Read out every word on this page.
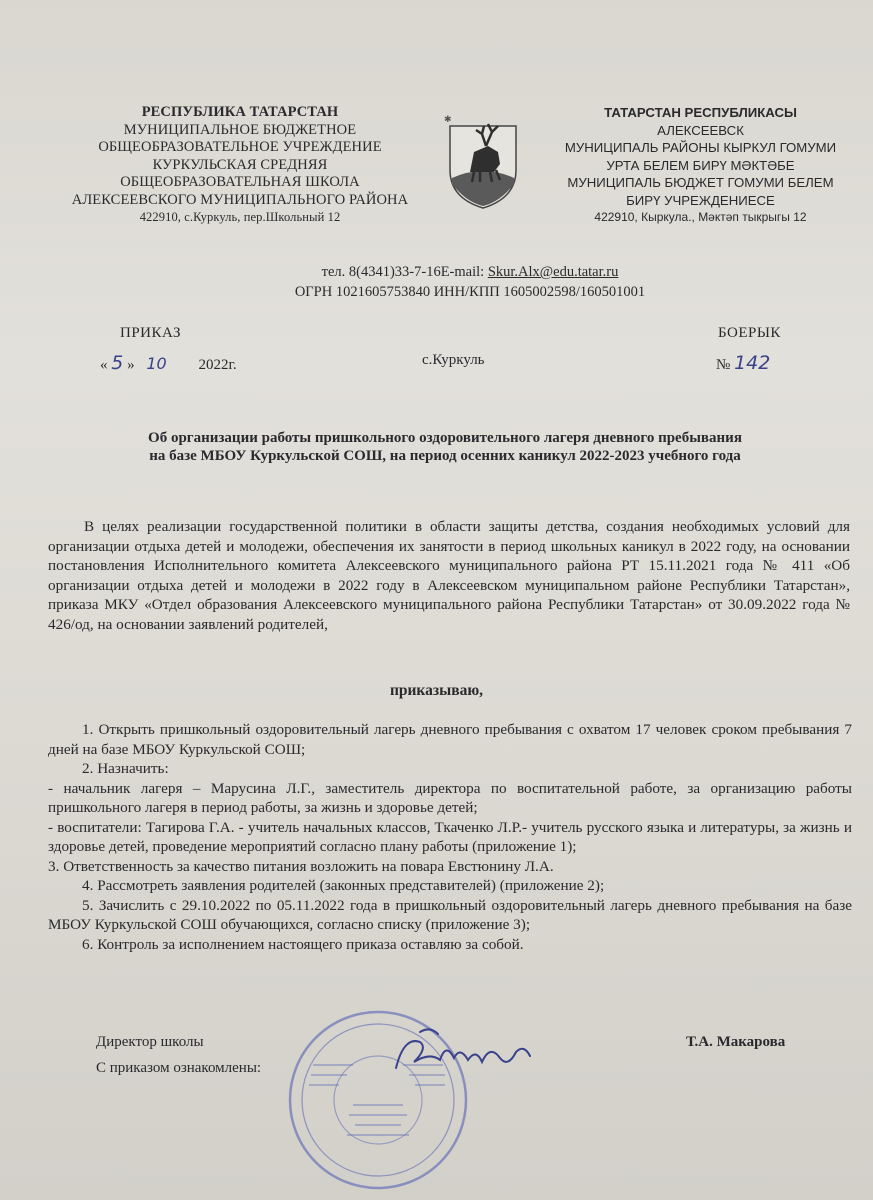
РЕСПУБЛИКА ТАТАРСТАН
МУНИЦИПАЛЬНОЕ БЮДЖЕТНОЕ
ОБЩЕОБРАЗОВАТЕЛЬНОЕ УЧРЕЖДЕНИЕ
КУРКУЛЬСКАЯ СРЕДНЯЯ
ОБЩЕОБРАЗОВАТЕЛЬНАЯ ШКОЛА
АЛЕКСЕЕВСКОГО МУНИЦИПАЛЬНОГО РАЙОНА
422910, с.Куркуль, пер.Школьный 12
✱	ТАТАРСТАН РЕСПУБЛИКАСЫ
АЛЕКСЕЕВСК
МУНИЦИПАЛЬ РАЙОНЫ КЫРКУЛ ГОМУМИ
УРТА БЕЛЕМ БИРҮ МӘКТӘБЕ
МУНИЦИПАЛЬ БЮДЖЕТ ГОМУМИ БЕЛЕМ
БИРҮ УЧРЕЖДЕНИЕСЕ
422910, Кыркула., Мәктәп тыкрыгы 12
тел. 8(4341)33-7-16E-mail: Skur.Alx@edu.tatar.ru
ОГРН 1021605753840 ИНН/КПП 1605002598/160501001
ПРИКАЗ	БОЕРЫК
« 5 » 10 2022г.	с.Куркуль	№ 142
Об организации работы пришкольного оздоровительного лагеря дневного пребывания
на базе МБОУ Куркульской СОШ, на период осенних каникул 2022-2023 учебного года
В целях реализации государственной политики в области защиты детства, создания необходимых условий для организации отдыха детей и молодежи, обеспечения их занятости в период школьных каникул в 2022 году, на основании постановления Исполнительного комитета Алексеевского муниципального района РТ 15.11.2021 года № 411 «Об организации отдыха детей и молодежи в 2022 году в Алексеевском муниципальном районе Республики Татарстан», приказа МКУ «Отдел образования Алексеевского муниципального района Республики Татарстан» от 30.09.2022 года № 426/од, на основании заявлений родителей,
приказываю,

1. Открыть пришкольный оздоровительный лагерь дневного пребывания с охватом 17 человек сроком пребывания 7 дней на базе МБОУ Куркульской СОШ;

2. Назначить:

- начальник лагеря – Марусина Л.Г., заместитель директора по воспитательной работе, за организацию работы пришкольного лагеря в период работы, за жизнь и здоровье детей;

- воспитатели: Тагирова Г.А. - учитель начальных классов, Ткаченко Л.Р.- учитель русского языка и литературы, за жизнь и здоровье детей, проведение мероприятий согласно плану работы (приложение 1);

3. Ответственность за качество питания возложить на повара Евстюнину Л.А.

4. Рассмотреть заявления родителей (законных представителей) (приложение 2);

5. Зачислить с 29.10.2022 по 05.11.2022 года в пришкольный оздоровительный лагерь дневного пребывания на базе МБОУ Куркульской СОШ обучающихся, согласно списку (приложение 3);

6. Контроль за исполнением настоящего приказа оставляю за собой.

Директор школы	Т.А. Макарова
С приказом ознакомлены:
